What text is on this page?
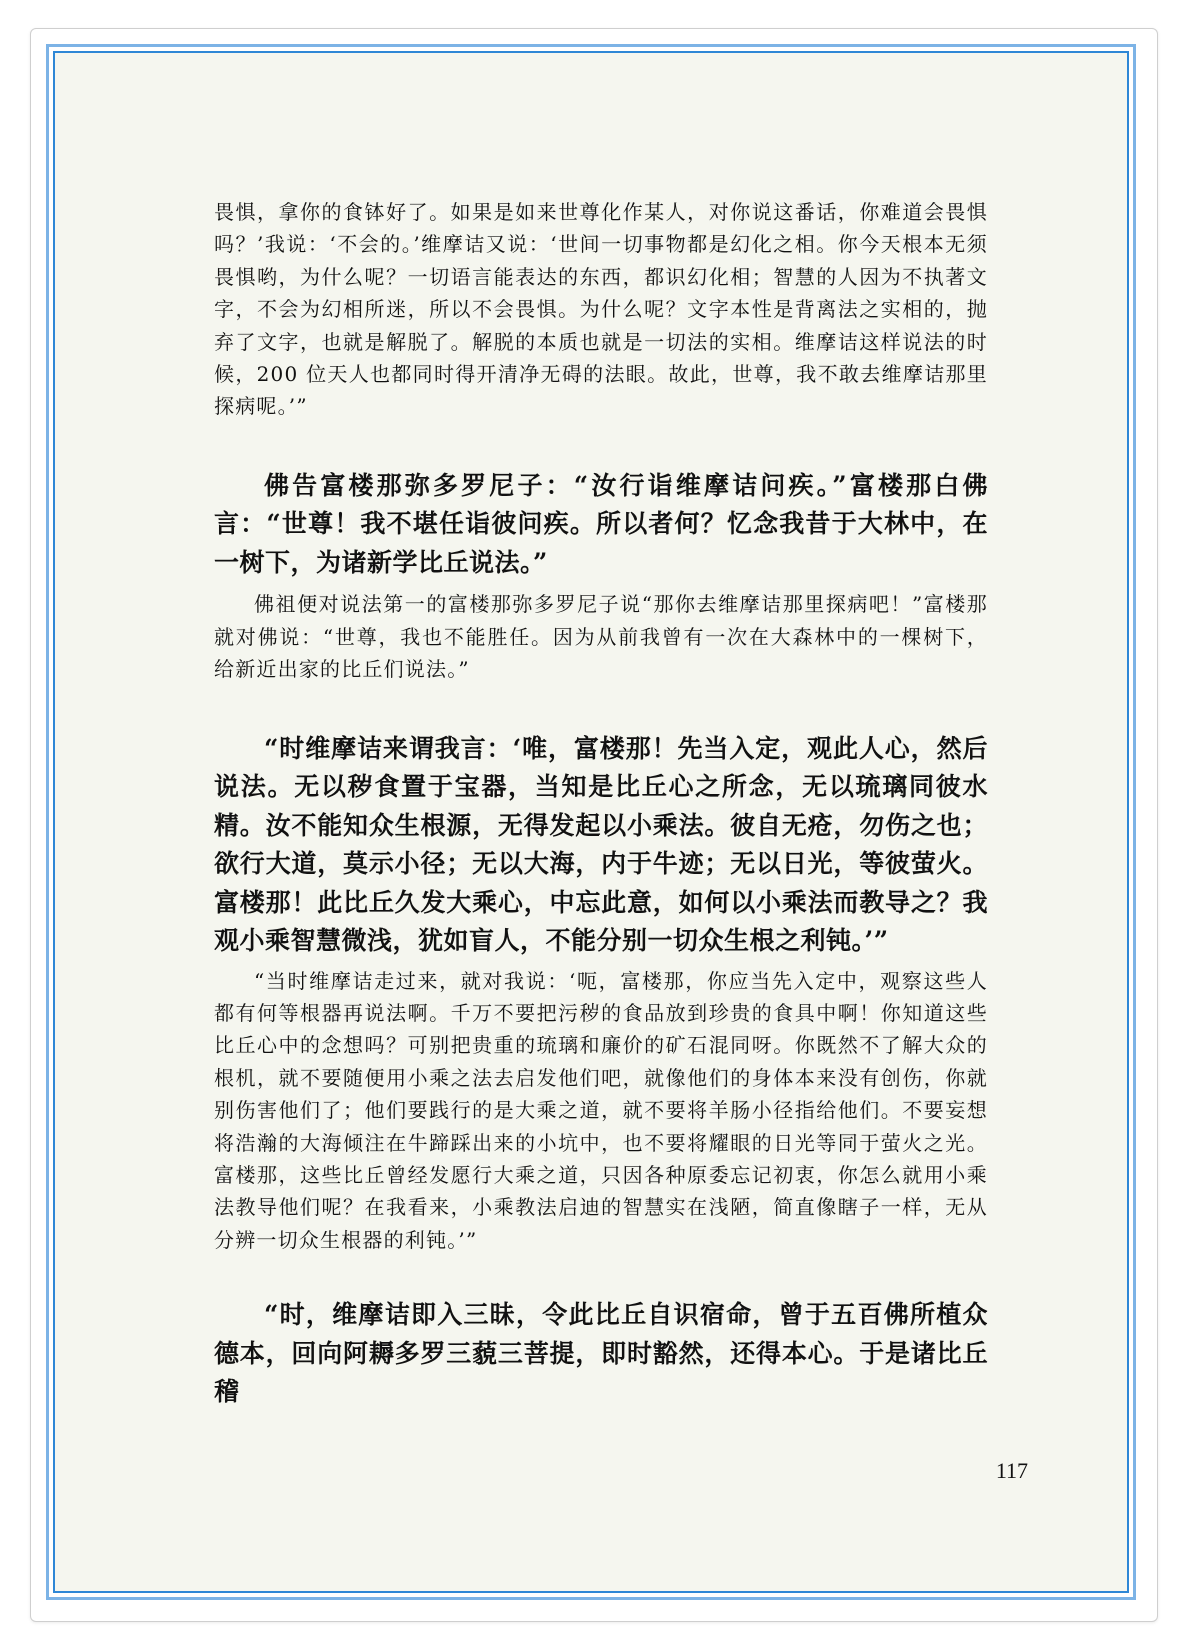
畏惧，拿你的食钵好了。如果是如来世尊化作某人，对你说这番话，你难道会畏惧吗？’我说：‘不会的。’维摩诘又说：‘世间一切事物都是幻化之相。你今天根本无须畏惧哟，为什么呢？一切语言能表达的东西，都识幻化相；智慧的人因为不执著文字，不会为幻相所迷，所以不会畏惧。为什么呢？文字本性是背离法之实相的，抛弃了文字，也就是解脱了。解脱的本质也就是一切法的实相。维摩诘这样说法的时候，200 位天人也都同时得开清净无碍的法眼。故此，世尊，我不敢去维摩诘那里探病呢。’”

佛告富楼那弥多罗尼子：“汝行诣维摩诘问疾。”富楼那白佛言：“世尊！我不堪任诣彼问疾。所以者何？忆念我昔于大林中，在一树下，为诸新学比丘说法。”

佛祖便对说法第一的富楼那弥多罗尼子说“那你去维摩诘那里探病吧！”富楼那就对佛说：“世尊，我也不能胜任。因为从前我曾有一次在大森林中的一棵树下，给新近出家的比丘们说法。”

“时维摩诘来谓我言：‘唯，富楼那！先当入定，观此人心，然后说法。无以秽食置于宝器，当知是比丘心之所念，无以琉璃同彼水精。汝不能知众生根源，无得发起以小乘法。彼自无疮，勿伤之也；欲行大道，莫示小径；无以大海，内于牛迹；无以日光，等彼萤火。富楼那！此比丘久发大乘心，中忘此意，如何以小乘法而教导之？我观小乘智慧微浅，犹如盲人，不能分别一切众生根之利钝。’”

“当时维摩诘走过来，就对我说：‘呃，富楼那，你应当先入定中，观察这些人都有何等根器再说法啊。千万不要把污秽的食品放到珍贵的食具中啊！你知道这些比丘心中的念想吗？可别把贵重的琉璃和廉价的矿石混同呀。你既然不了解大众的根机，就不要随便用小乘之法去启发他们吧，就像他们的身体本来没有创伤，你就别伤害他们了；他们要践行的是大乘之道，就不要将羊肠小径指给他们。不要妄想将浩瀚的大海倾注在牛蹄踩出来的小坑中，也不要将耀眼的日光等同于萤火之光。富楼那，这些比丘曾经发愿行大乘之道，只因各种原委忘记初衷，你怎么就用小乘法教导他们呢？在我看来，小乘教法启迪的智慧实在浅陋，简直像瞎子一样，无从分辨一切众生根器的利钝。’”

“时，维摩诘即入三昧，令此比丘自识宿命，曾于五百佛所植众德本，回向阿耨多罗三藐三菩提，即时豁然，还得本心。于是诸比丘稽

117
